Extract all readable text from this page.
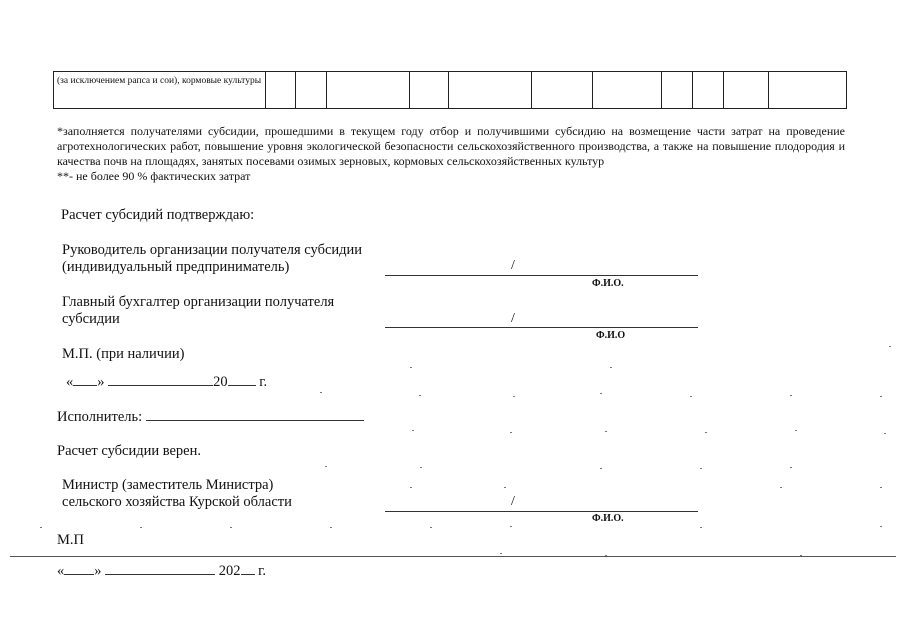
(за исключением рапса и сои), кормовые культуры											
*заполняется получателями субсидии, прошедшими в текущем году отбор и получившими субсидию на возмещение части затрат на проведение агротехнологических работ, повышение уровня экологической безопасности сельскохозяйственного производства, а также на повышение плодородия и качества почв на площадях, занятых посевами озимых зерновых, кормовых сельскохозяйственных культур
**- не более 90 % фактических затрат
Расчет субсидий подтверждаю:
Руководитель организации получателя субсидии
(индивидуальный предприниматель)	/
Ф.И.О.
Главный бухгалтер организации получателя
субсидии	/
Ф.И.О
М.П. (при наличии)
« »	20 г.
Исполнитель:
Расчет субсидии верен.
Министр (заместитель Министра)
сельского хозяйства Курской области	/
Ф.И.О.
М.П
« »	202 г.
